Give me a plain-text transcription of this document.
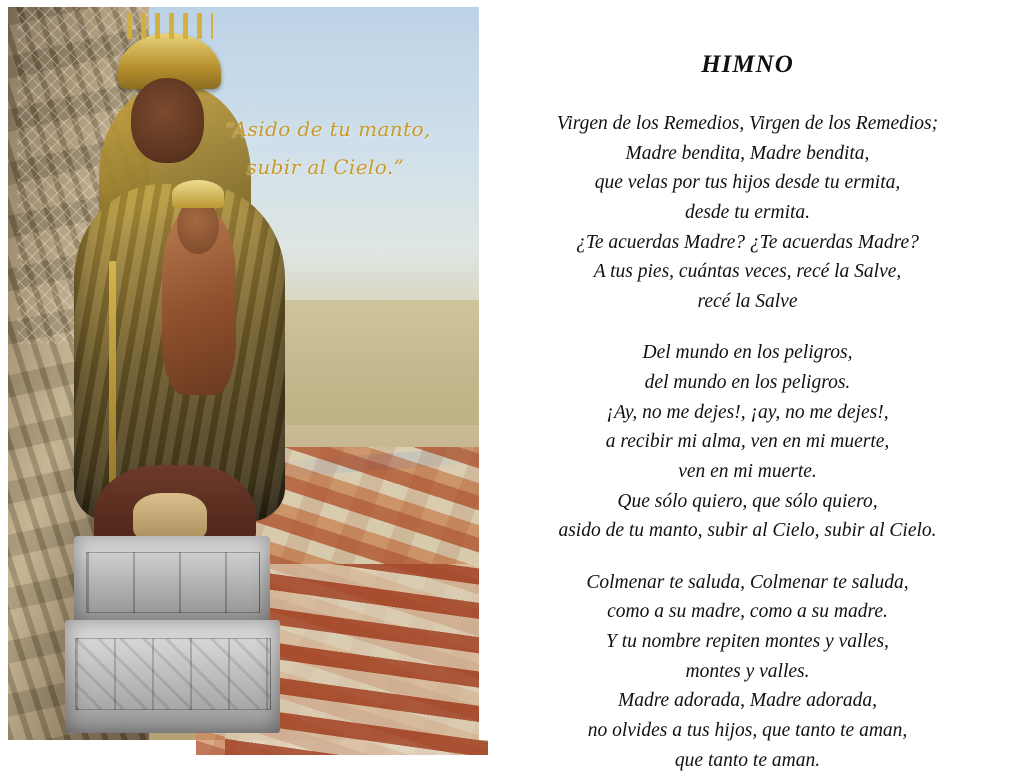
“Asido de tu manto,
subir al Cielo.”
HIMNO

Virgen de los Remedios, Virgen de los Remedios;
Madre bendita, Madre bendita,
que velas por tus hijos desde tu ermita,
desde tu ermita.
¿Te acuerdas Madre? ¿Te acuerdas Madre?
A tus pies, cuántas veces, recé la Salve,
recé la Salve

Del mundo en los peligros,
del mundo en los peligros.
¡Ay, no me dejes!, ¡ay, no me dejes!,
a recibir mi alma, ven en mi muerte,
ven en mi muerte.
Que sólo quiero, que sólo quiero,
asido de tu manto, subir al Cielo, subir al Cielo.

Colmenar te saluda, Colmenar te saluda,
como a su madre, como a su madre.
Y tu nombre repiten montes y valles,
montes y valles.
Madre adorada, Madre adorada,
no olvides a tus hijos, que tanto te aman,
que tanto te aman.
